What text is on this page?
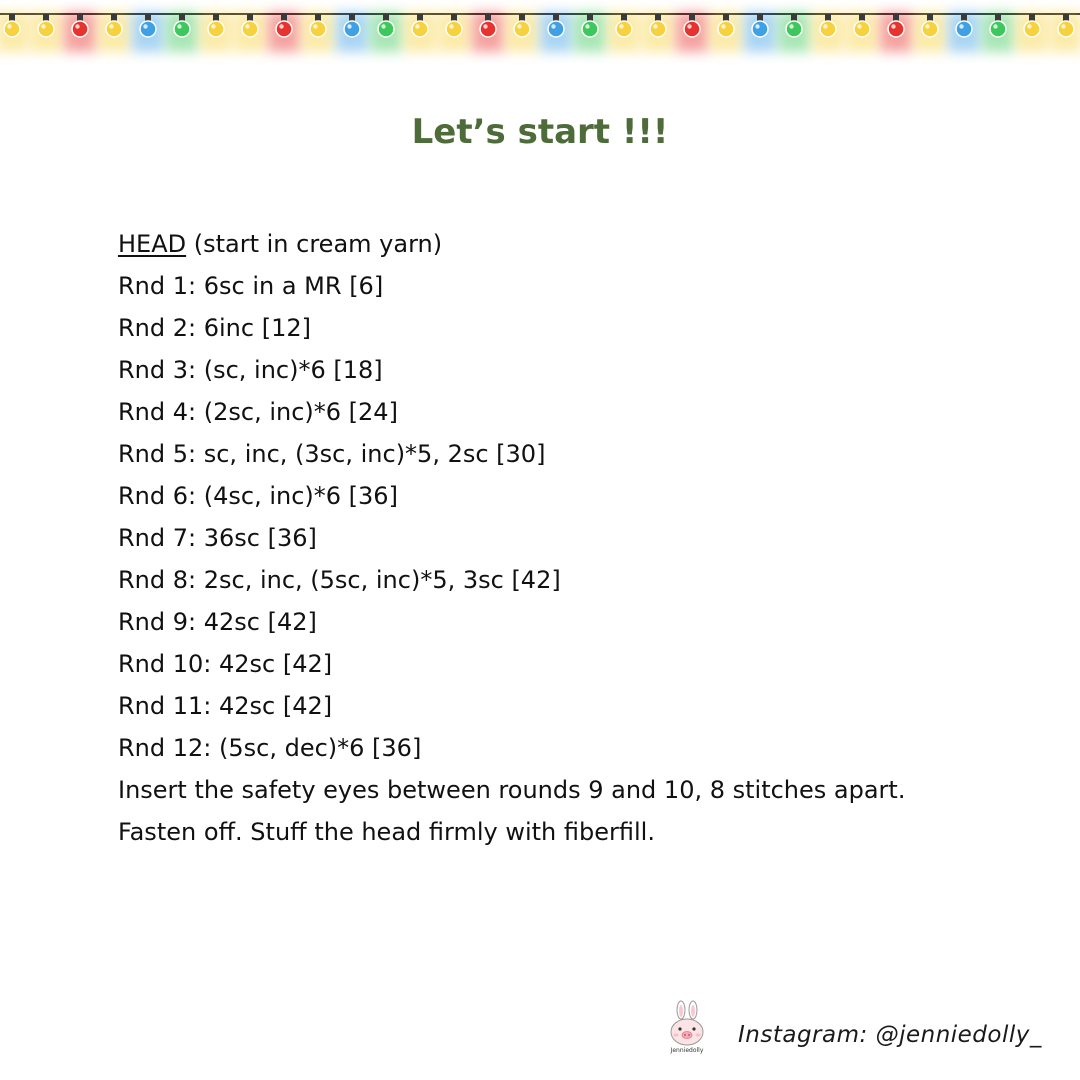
Let’s start !!!
HEAD (start in cream yarn)
Rnd 1: 6sc in a MR [6]
Rnd 2: 6inc [12]
Rnd 3: (sc, inc)*6 [18]
Rnd 4: (2sc, inc)*6 [24]
Rnd 5: sc, inc, (3sc, inc)*5, 2sc [30]
Rnd 6: (4sc, inc)*6 [36]
Rnd 7: 36sc [36]
Rnd 8: 2sc, inc, (5sc, inc)*5, 3sc [42]
Rnd 9: 42sc [42]
Rnd 10: 42sc [42]
Rnd 11: 42sc [42]
Rnd 12: (5sc, dec)*6 [36]
Insert the safety eyes between rounds 9 and 10, 8 stitches apart.
Fasten off. Stuff the head firmly with fiberfill.
Jenniedolly
Instagram: @jenniedolly_
